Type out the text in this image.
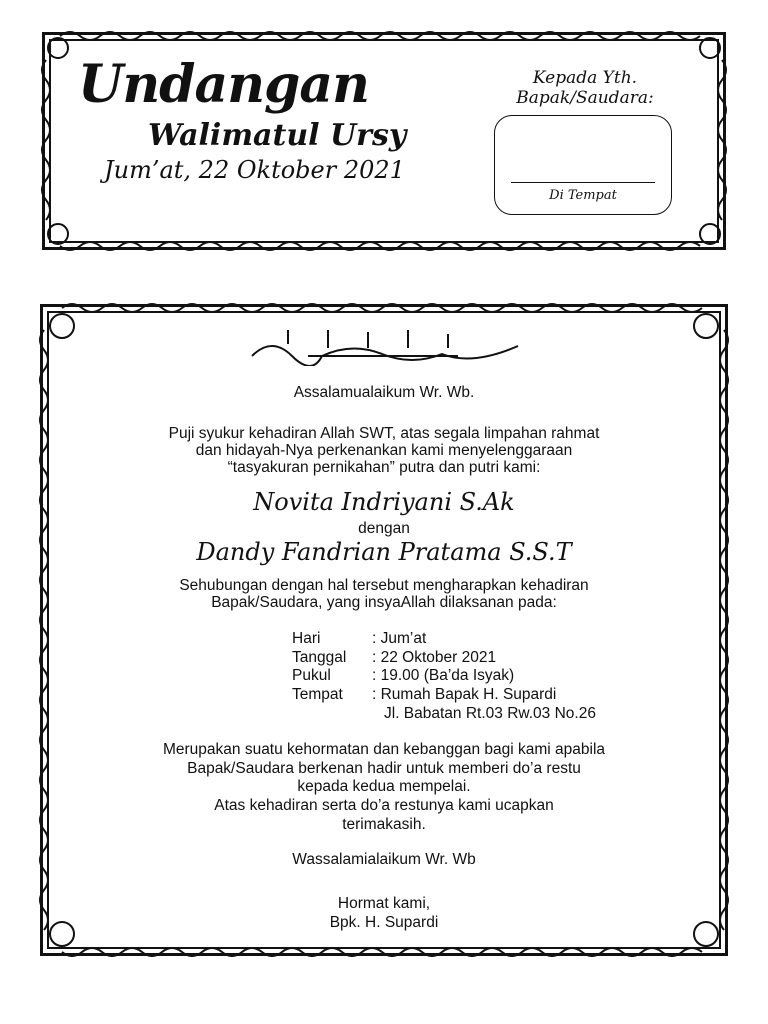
Undangan
Walimatul Ursy
Jum’at, 22 Oktober 2021
Kepada Yth.
Bapak/Saudara:
Di Tempat
Assalamualaikum Wr. Wb.
Puji syukur kehadiran Allah SWT, atas segala limpahan rahmat
dan hidayah-Nya perkenankan kami menyelenggaraan
“tasyakuran pernikahan” putra dan putri kami:
Novita Indriyani S.Ak
dengan
Dandy Fandrian Pratama S.S.T
Sehubungan dengan hal tersebut mengharapkan kehadiran
Bapak/Saudara, yang insyaAllah dilaksanan pada:
Hari	: Jum’at
Tanggal : 22 Oktober 2021
Pukul	: 19.00 (Ba’da Isyak)
Tempat : Rumah Bapak H. Supardi
Jl. Babatan Rt.03 Rw.03 No.26
Merupakan suatu kehormatan dan kebanggan bagi kami apabila
Bapak/Saudara berkenan hadir untuk memberi do’a restu
kepada kedua mempelai.
Atas kehadiran serta do’a restunya kami ucapkan
terimakasih.
Wassalamialaikum Wr. Wb
Hormat kami,
Bpk. H. Supardi
